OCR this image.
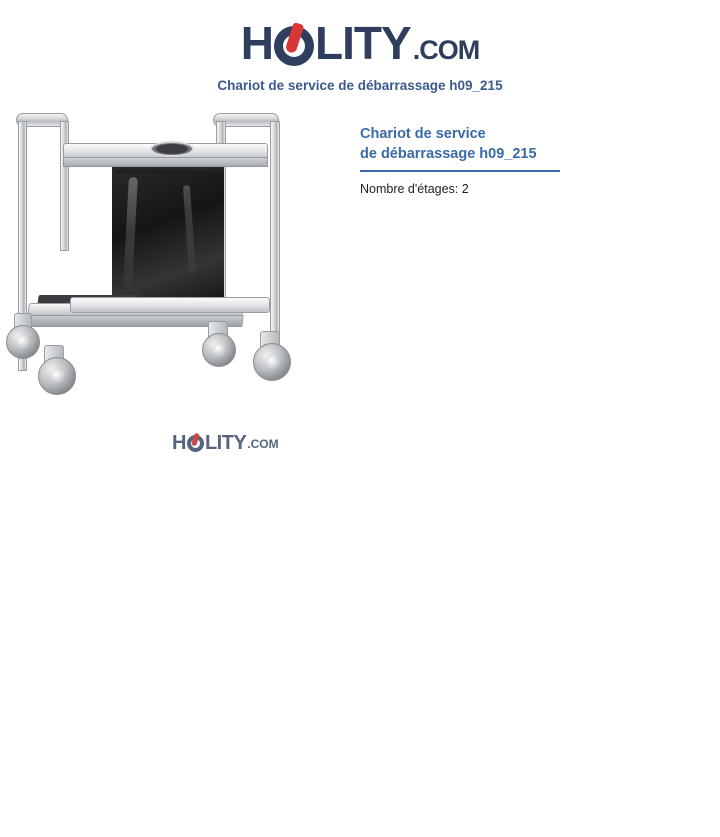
H LITY .COM
Chariot de service de débarrassage h09_215
Chariot de service
de débarrassage h09_215
Nombre d'étages: 2
H LITY .COM
